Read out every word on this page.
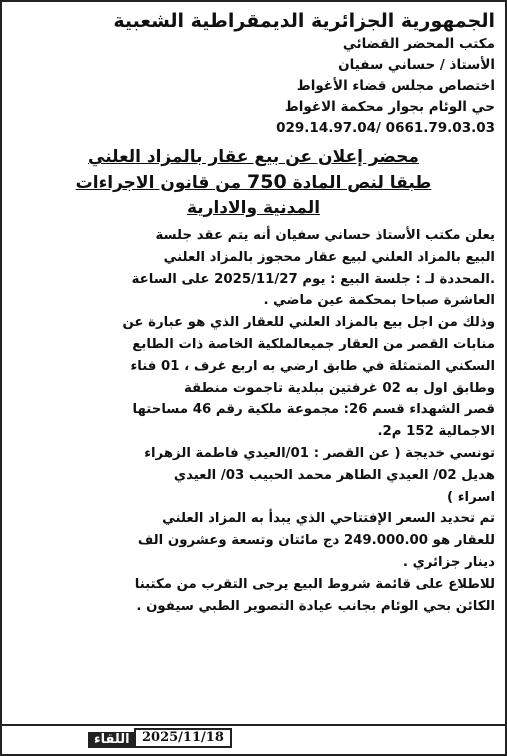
الجمهورية الجزائرية الديمقراطية الشعبية
مكتب المحضر القضائي
الأستاذ / حساني سفيان
اختصاص مجلس قضاء الأغواط
حي الوئام بجوار محكمة الاغواط
029.14.97.04/ 0661.79.03.03
محضر إعلان عن بيع عقار بالمزاد العلني
طبقا لنص المادة 750 من قانون الاجراءات
المدنية والادارية
يعلن مكتب الأستاذ حساني سفيان أنه يتم عقد جلسة
البيع بالمزاد العلني لبيع عقار محجوز بالمزاد العلني
.المحددة لـ : جلسة البيع : يوم 2025/11/27 على الساعة
العاشرة صباحا بمحكمة عين ماضي .
وذلك من اجل بيع بالمزاد العلني للعقار الذي هو عبارة عن
منابات القصر من العقار جميعالملكية الخاصة ذات الطابع
السكني المتمثلة في طابق ارضي به اربع غرف ، 01 فناء
وطابق اول به 02 غرفتين ببلدية تاجموت منطقة
قصر الشهداء قسم 26: مجموعة ملكية رقم 46 مساحتها
الاجمالية 152 م2.
تونسي خديجة ( عن القصر : 01/العيدي فاطمة الزهراء
هديل 02/ العيدي الطاهر محمد الحبيب 03/ العيدي
اسراء )
تم تحديد السعر الإفتتاحي الذي يبدأ به المزاد العلني
للعقار هو 249.000.00 دج مائتان وتسعة وعشرون الف
دينار جزائري .
للاطلاع على قائمة شروط البيع يرجى التقرب من مكتبنا
الكائن بحي الوئام بجانب عيادة التصوير الطبي سيفون .
2025/11/18
اللقاء
